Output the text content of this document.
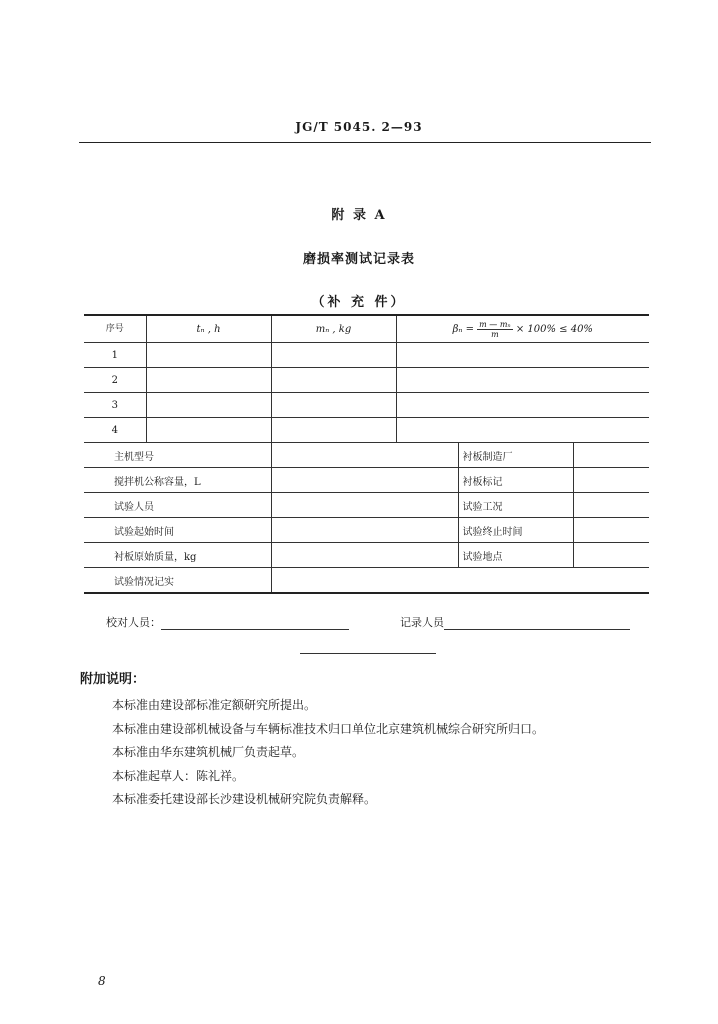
JG/T 5045. 2—93
附 录 A
磨损率测试记录表
（补 充 件）
序号	tₙ , h	mₙ , kg	$\beta_n = \frac{\text{m — mₙ}}{m} \times 100\% \le 40\%$		
1					
2					
3					
4					
主机型号				衬板制造厂	
搅拌机公称容量，L				衬板标记	
试验人员				试验工况	
试验起始时间				试验终止时间	
衬板原始质量，kg				试验地点	
试验情况记实					
校对人员：	记录人员
附加说明：
本标准由建设部标准定额研究所提出。
本标准由建设部机械设备与车辆标准技术归口单位北京建筑机械综合研究所归口。
本标准由华东建筑机械厂负责起草。
本标准起草人：陈礼祥。
本标准委托建设部长沙建设机械研究院负责解释。
8
